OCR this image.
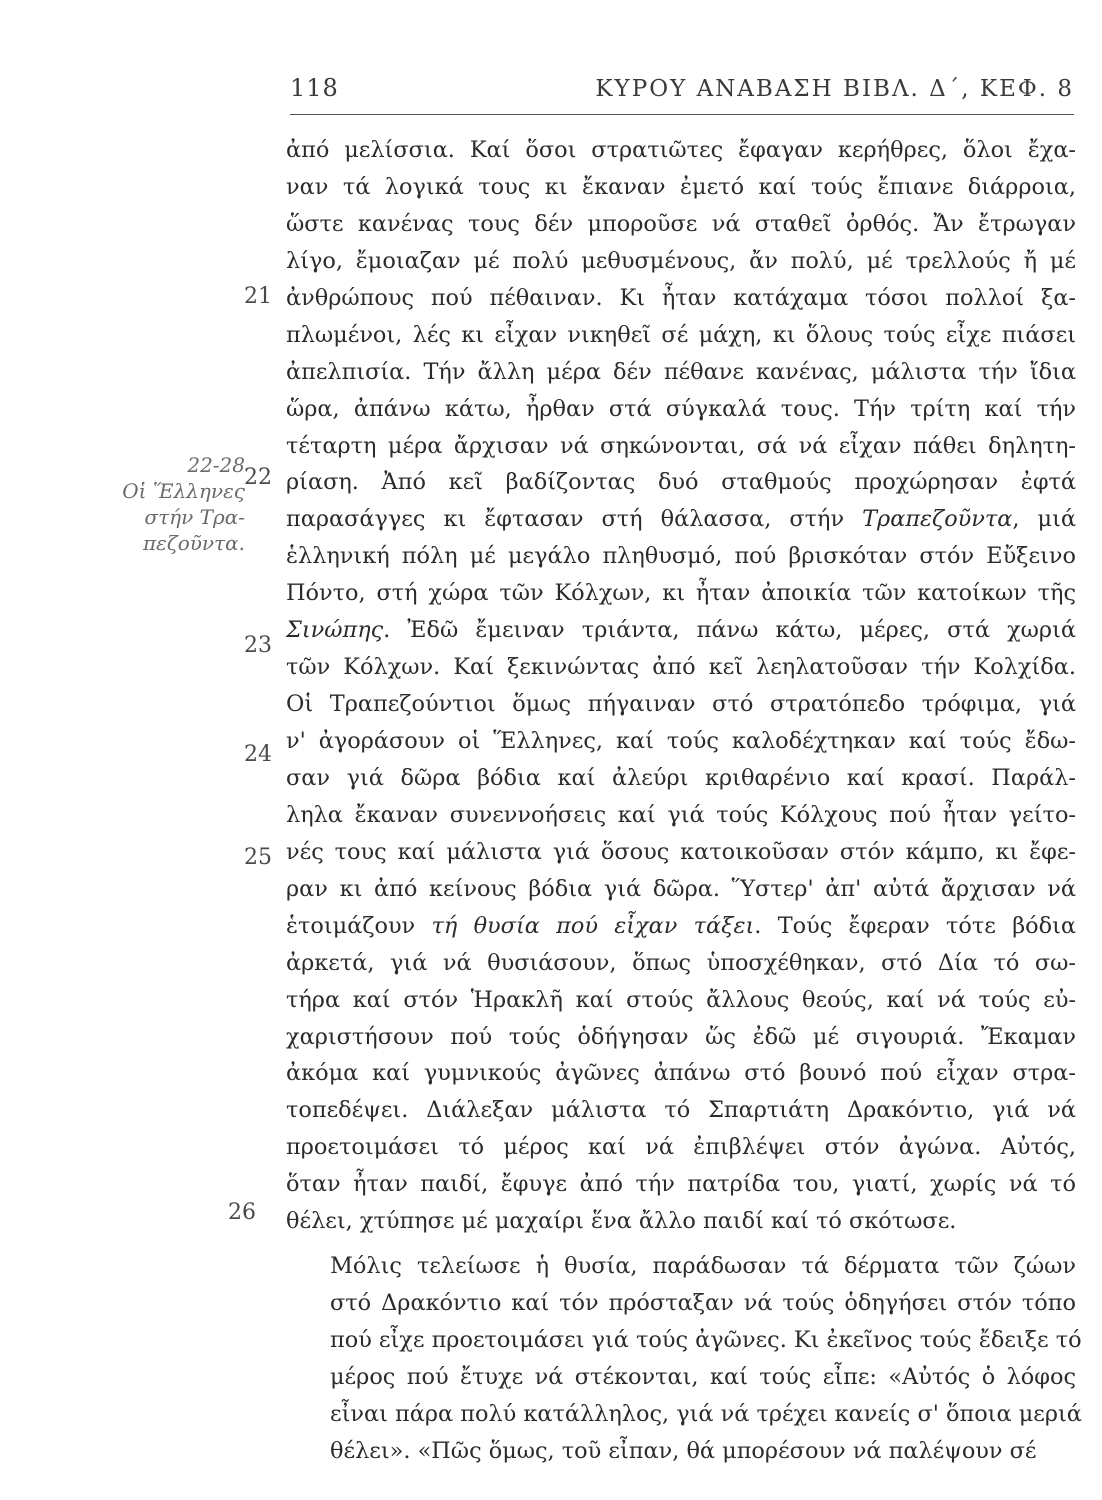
118	ΚΥΡΟΥ ΑΝΑΒΑΣΗ ΒΙΒΛ. Δ΄, ΚΕΦ. 8
22-28
Οἱ Ἕλληνες
στήν Τρα-
πεζοῦντα.
21
22
23
24
25
26
ἀπό μελίσσια. Καί ὅσοι στρατιῶτες ἔφαγαν κερήθρες, ὅλοι ἔχα-
ναν τά λογικά τους κι ἔκαναν ἐμετό καί τούς ἔπιανε διάρροια,
ὥστε κανένας τους δέν μποροῦσε νά σταθεῖ ὀρθός. Ἄν ἔτρωγαν
λίγο, ἔμοιαζαν μέ πολύ μεθυσμένους, ἄν πολύ, μέ τρελλούς ἤ μέ
ἀνθρώπους πού πέθαιναν. Κι ἦταν κατάχαμα τόσοι πολλοί ξα-
πλωμένοι, λές κι εἶχαν νικηθεῖ σέ μάχη, κι ὅλους τούς εἶχε πιάσει
ἀπελπισία. Τήν ἄλλη μέρα δέν πέθανε κανένας, μάλιστα τήν ἴδια
ὥρα, ἀπάνω κάτω, ἦρθαν στά σύγκαλά τους. Τήν τρίτη καί τήν
τέταρτη μέρα ἄρχισαν νά σηκώνονται, σά νά εἶχαν πάθει δηλητη-
ρίαση. Ἀπό κεῖ βαδίζοντας δυό σταθμούς προχώρησαν ἐφτά
παρασάγγες κι ἔφτασαν στή θάλασσα, στήν Τραπεζοῦντα, μιά
ἑλληνική πόλη μέ μεγάλο πληθυσμό, πού βρισκόταν στόν Εὔξεινο
Πόντο, στή χώρα τῶν Κόλχων, κι ἦταν ἀποικία τῶν κατοίκων τῆς
Σινώπης. Ἐδῶ ἔμειναν τριάντα, πάνω κάτω, μέρες, στά χωριά
τῶν Κόλχων. Καί ξεκινώντας ἀπό κεῖ λεηλατοῦσαν τήν Κολχίδα.
Οἱ Τραπεζούντιοι ὅμως πήγαιναν στό στρατόπεδο τρόφιμα, γιά
ν' ἀγοράσουν οἱ Ἕλληνες, καί τούς καλοδέχτηκαν καί τούς ἔδω-
σαν γιά δῶρα βόδια καί ἀλεύρι κριθαρένιο καί κρασί. Παράλ-
ληλα ἔκαναν συνεννοήσεις καί γιά τούς Κόλχους πού ἦταν γείτο-
νές τους καί μάλιστα γιά ὅσους κατοικοῦσαν στόν κάμπο, κι ἔφε-
ραν κι ἀπό κείνους βόδια γιά δῶρα. Ὕστερ' ἀπ' αὐτά ἄρχισαν νά
ἑτοιμάζουν τή θυσία πού εἶχαν τάξει. Τούς ἔφεραν τότε βόδια
ἀρκετά, γιά νά θυσιάσουν, ὅπως ὑποσχέθηκαν, στό Δία τό σω-
τήρα καί στόν Ἡρακλῆ καί στούς ἄλλους θεούς, καί νά τούς εὐ-
χαριστήσουν πού τούς ὁδήγησαν ὥς ἐδῶ μέ σιγουριά. Ἔκαμαν
ἀκόμα καί γυμνικούς ἀγῶνες ἀπάνω στό βουνό πού εἶχαν στρα-
τοπεδέψει. Διάλεξαν μάλιστα τό Σπαρτιάτη Δρακόντιο, γιά νά
προετοιμάσει τό μέρος καί νά ἐπιβλέψει στόν ἀγώνα. Αὐτός,
ὅταν ἦταν παιδί, ἔφυγε ἀπό τήν πατρίδα του, γιατί, χωρίς νά τό
θέλει, χτύπησε μέ μαχαίρι ἕνα ἄλλο παιδί καί τό σκότωσε.
Μόλις τελείωσε ἡ θυσία, παράδωσαν τά δέρματα τῶν ζώων
στό Δρακόντιο καί τόν πρόσταξαν νά τούς ὁδηγήσει στόν τόπο
πού εἶχε προετοιμάσει γιά τούς ἀγῶνες. Κι ἐκεῖνος τούς ἔδειξε τό
μέρος πού ἔτυχε νά στέκονται, καί τούς εἶπε: «Αὐτός ὁ λόφος
εἶναι πάρα πολύ κατάλληλος, γιά νά τρέχει κανείς σ' ὅποια μεριά
θέλει». «Πῶς ὅμως, τοῦ εἶπαν, θά μπορέσουν νά παλέψουν σέ
